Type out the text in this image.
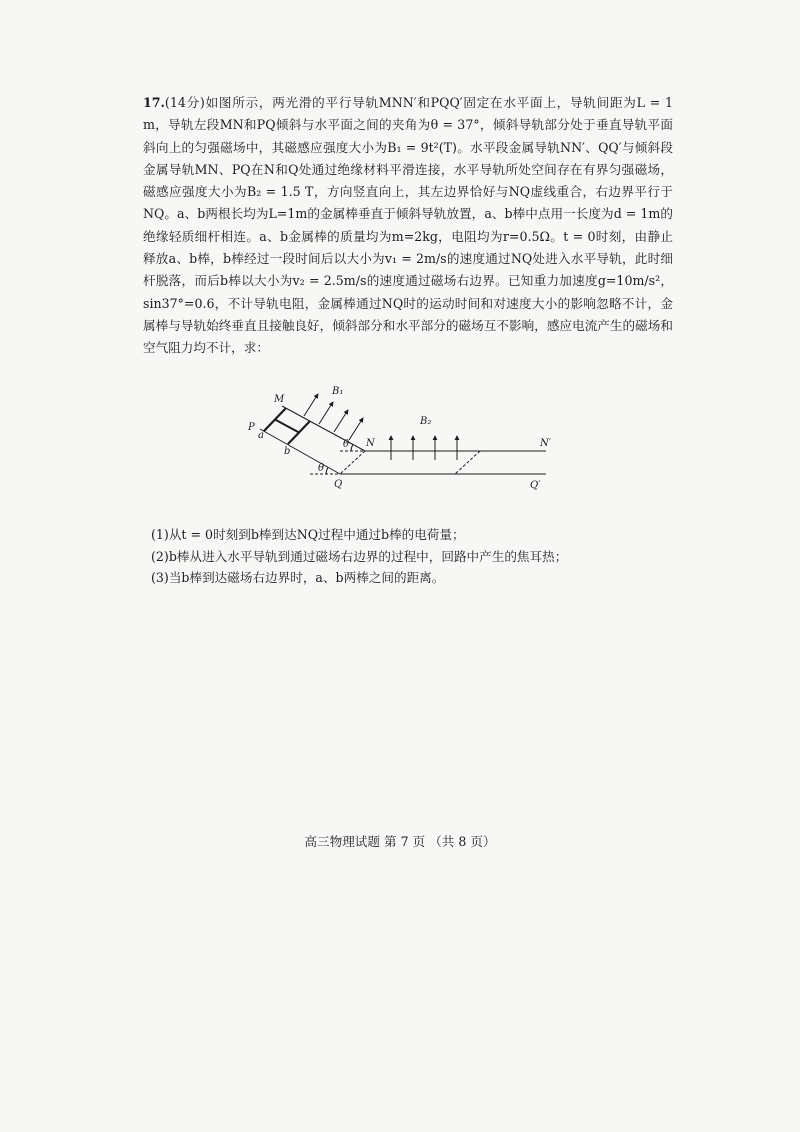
17.(14分)如图所示，两光滑的平行导轨MNN′和PQQ′固定在水平面上，导轨间距为L = 1 m，导轨左段MN和PQ倾斜与水平面之间的夹角为θ = 37°，倾斜导轨部分处于垂直导轨平面斜向上的匀强磁场中，其磁感应强度大小为B₁ = 9t²(T)。水平段金属导轨NN′、QQ′与倾斜段金属导轨MN、PQ在N和Q处通过绝缘材料平滑连接，水平导轨所处空间存在有界匀强磁场，磁感应强度大小为B₂ = 1.5 T，方向竖直向上，其左边界恰好与NQ虚线重合，右边界平行于NQ。a、b两根长均为L=1m的金属棒垂直于倾斜导轨放置，a、b棒中点用一长度为d = 1m的绝缘轻质细杆相连。a、b金属棒的质量均为m=2kg，电阻均为r=0.5Ω。t = 0时刻，由静止释放a、b棒，b棒经过一段时间后以大小为v₁ = 2m/s的速度通过NQ处进入水平导轨，此时细杆脱落，而后b棒以大小为v₂ = 2.5m/s的速度通过磁场右边界。已知重力加速度g=10m/s²，sin37°=0.6，不计导轨电阻，金属棒通过NQ时的运动时间和对速度大小的影响忽略不计，金属棒与导轨始终垂直且接触良好，倾斜部分和水平部分的磁场互不影响，感应电流产生的磁场和空气阻力均不计，求：

M
P
a
b
B₁
B₂
θ
θ
N
Q
N′
Q′
(1)从t = 0时刻到b棒到达NQ过程中通过b棒的电荷量；
(2)b棒从进入水平导轨到通过磁场右边界的过程中，回路中产生的焦耳热；
(3)当b棒到达磁场右边界时，a、b两棒之间的距离。
高三物理试题 第 7 页 （共 8 页）
